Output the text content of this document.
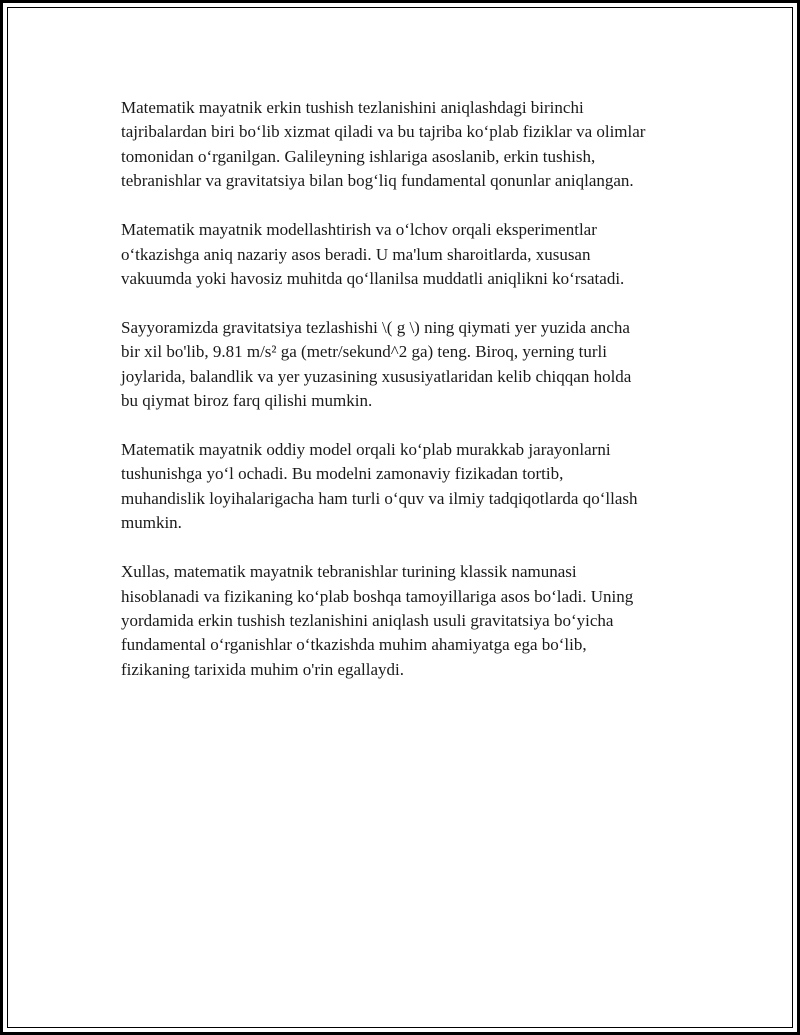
Matematik mayatnik erkin tushish tezlanishini aniqlashdagi birinchi
tajribalardan biri bo‘lib xizmat qiladi va bu tajriba ko‘plab fiziklar va olimlar
tomonidan o‘rganilgan. Galileyning ishlariga asoslanib, erkin tushish,
tebranishlar va gravitatsiya bilan bog‘liq fundamental qonunlar aniqlangan.

Matematik mayatnik modellashtirish va o‘lchov orqali eksperimentlar
o‘tkazishga aniq nazariy asos beradi. U ma'lum sharoitlarda, xususan
vakuumda yoki havosiz muhitda qo‘llanilsa muddatli aniqlikni ko‘rsatadi.

Sayyoramizda gravitatsiya tezlashishi \( g \) ning qiymati yer yuzida ancha
bir xil bo'lib, 9.81 m/s² ga (metr/sekund^2 ga) teng. Biroq, yerning turli
joylarida, balandlik va yer yuzasining xususiyatlaridan kelib chiqqan holda
bu qiymat biroz farq qilishi mumkin.

Matematik mayatnik oddiy model orqali ko‘plab murakkab jarayonlarni
tushunishga yo‘l ochadi. Bu modelni zamonaviy fizikadan tortib,
muhandislik loyihalarigacha ham turli o‘quv va ilmiy tadqiqotlarda qo‘llash
mumkin.

Xullas, matematik mayatnik tebranishlar turining klassik namunasi
hisoblanadi va fizikaning ko‘plab boshqa tamoyillariga asos bo‘ladi. Uning
yordamida erkin tushish tezlanishini aniqlash usuli gravitatsiya bo‘yicha
fundamental o‘rganishlar o‘tkazishda muhim ahamiyatga ega bo‘lib,
fizikaning tarixida muhim o'rin egallaydi.
